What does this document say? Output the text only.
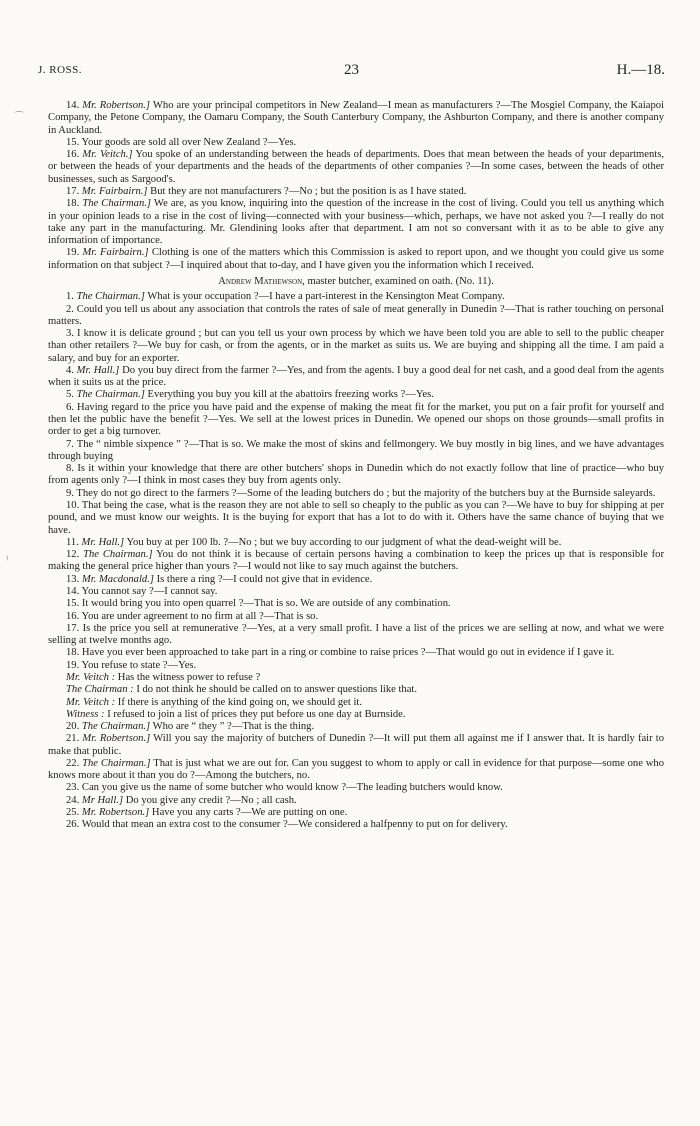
J. ROSS.	23	H.—18.
⌒
⁾

14. Mr. Robertson.] Who are your principal competitors in New Zealand—I mean as manufacturers ?—The Mosgiel Company, the Kaiapoi Company, the Petone Company, the Oamaru Company, the South Canterbury Company, the Ashburton Company, and there is another company in Auckland.

15. Your goods are sold all over New Zealand ?—Yes.

16. Mr. Veitch.] You spoke of an understanding between the heads of departments. Does that mean between the heads of your departments, or between the heads of your departments and the heads of the departments of other companies ?—In some cases, between the heads of other businesses, such as Sargood's.

17. Mr. Fairbairn.] But they are not manufacturers ?—No ; but the position is as I have stated.

18. The Chairman.] We are, as you know, inquiring into the question of the increase in the cost of living. Could you tell us anything which in your opinion leads to a rise in the cost of living—connected with your business—which, perhaps, we have not asked you ?—I really do not take any part in the manufacturing. Mr. Glendining looks after that department. I am not so conversant with it as to be able to give any information of importance.

19. Mr. Fairbairn.] Clothing is one of the matters which this Commission is asked to report upon, and we thought you could give us some information on that subject ?—I inquired about that to-day, and I have given you the information which I received.

Andrew Mathewson, master butcher, examined on oath. (No. 11).

1. The Chairman.] What is your occupation ?—I have a part-interest in the Kensington Meat Company.

2. Could you tell us about any association that controls the rates of sale of meat generally in Dunedin ?—That is rather touching on personal matters.

3. I know it is delicate ground ; but can you tell us your own process by which we have been told you are able to sell to the public cheaper than other retailers ?—We buy for cash, or from the agents, or in the market as suits us. We are buying and shipping all the time. I am paid a salary, and buy for an exporter.

4. Mr. Hall.] Do you buy direct from the farmer ?—Yes, and from the agents. I buy a good deal for net cash, and a good deal from the agents when it suits us at the price.

5. The Chairman.] Everything you buy you kill at the abattoirs freezing works ?—Yes.

6. Having regard to the price you have paid and the expense of making the meat fit for the market, you put on a fair profit for yourself and then let the public have the benefit ?—Yes. We sell at the lowest prices in Dunedin. We opened our shops on those grounds—small profits in order to get a big turnover.

7. The “ nimble sixpence ” ?—That is so. We make the most of skins and fellmongery. We buy mostly in big lines, and we have advantages through buying

8. Is it within your knowledge that there are other butchers' shops in Dunedin which do not exactly follow that line of practice—who buy from agents only ?—I think in most cases they buy from agents only.

9. They do not go direct to the farmers ?—Some of the leading butchers do ; but the majority of the butchers buy at the Burnside saleyards.

10. That being the case, what is the reason they are not able to sell so cheaply to the public as you can ?—We have to buy for shipping at per pound, and we must know our weights. It is the buying for export that has a lot to do with it. Others have the same chance of buying that we have.

11. Mr. Hall.] You buy at per 100 lb. ?—No ; but we buy according to our judgment of what the dead-weight will be.

12. The Chairman.] You do not think it is because of certain persons having a combination to keep the prices up that is responsible for making the general price higher than yours ?—I would not like to say much against the butchers.

13. Mr. Macdonald.] Is there a ring ?—I could not give that in evidence.

14. You cannot say ?—I cannot say.

15. It would bring you into open quarrel ?—That is so. We are outside of any combination.

16. You are under agreement to no firm at all ?—That is so.

17. Is the price you sell at remunerative ?—Yes, at a very small profit. I have a list of the prices we are selling at now, and what we were selling at twelve months ago.

18. Have you ever been approached to take part in a ring or combine to raise prices ?—That would go out in evidence if I gave it.

19. You refuse to state ?—Yes.

Mr. Veitch : Has the witness power to refuse ?

The Chairman : I do not think he should be called on to answer questions like that.

Mr. Veitch : If there is anything of the kind going on, we should get it.

Witness : I refused to join a list of prices they put before us one day at Burnside.

20. The Chairman.] Who are “ they ” ?—That is the thing.

21. Mr. Robertson.] Will you say the majority of butchers of Dunedin ?—It will put them all against me if I answer that. It is hardly fair to make that public.

22. The Chairman.] That is just what we are out for. Can you suggest to whom to apply or call in evidence for that purpose—some one who knows more about it than you do ?—Among the butchers, no.

23. Can you give us the name of some butcher who would know ?—The leading butchers would know.

24. Mr Hall.] Do you give any credit ?—No ; all cash.

25. Mr. Robertson.] Have you any carts ?—We are putting on one.

26. Would that mean an extra cost to the consumer ?—We considered a halfpenny to put on for delivery.
